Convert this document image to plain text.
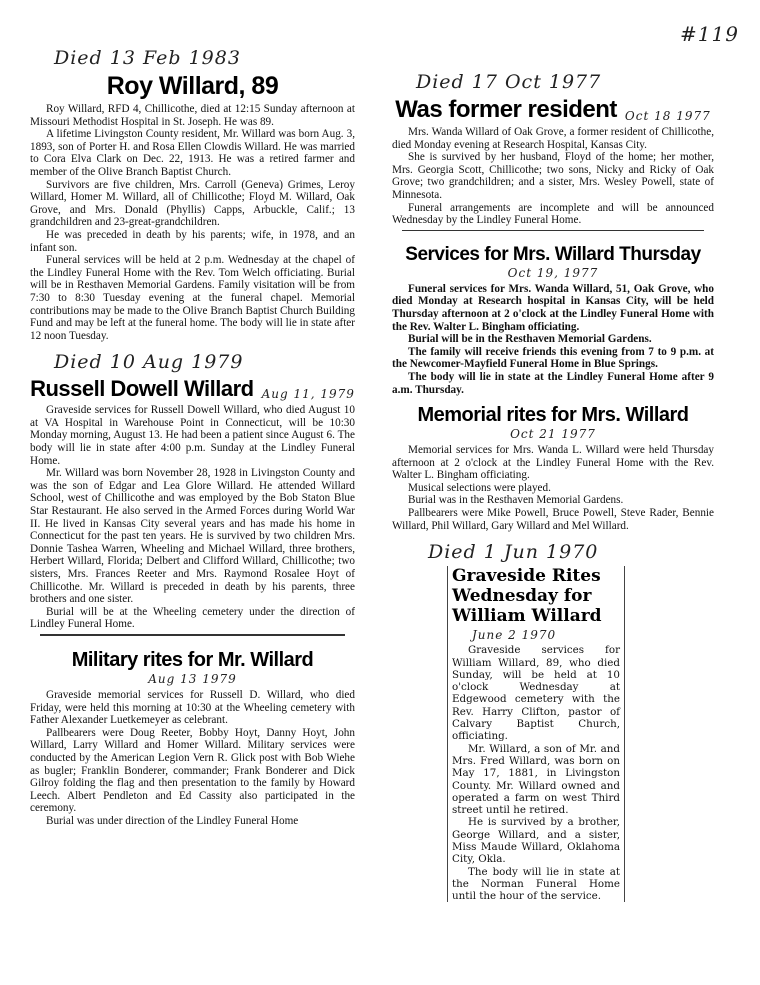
#119
Died 13 Feb 1983
Roy Willard, 89

Roy Willard, RFD 4, Chillicothe, died at 12:15 Sunday afternoon at Missouri Methodist Hospital in St. Joseph. He was 89.

A lifetime Livingston County resident, Mr. Willard was born Aug. 3, 1893, son of Porter H. and Rosa Ellen Clowdis Willard. He was married to Cora Elva Clark on Dec. 22, 1913. He was a retired farmer and member of the Olive Branch Baptist Church.

Survivors are five children, Mrs. Carroll (Geneva) Grimes, Leroy Willard, Homer M. Willard, all of Chillicothe; Floyd M. Willard, Oak Grove, and Mrs. Donald (Phyllis) Capps, Arbuckle, Calif.; 13 grandchildren and 23-great-grandchildren.

He was preceded in death by his parents; wife, in 1978, and an infant son.

Funeral services will be held at 2 p.m. Wednesday at the chapel of the Lindley Funeral Home with the Rev. Tom Welch officiating. Burial will be in Resthaven Memorial Gardens. Family visitation will be from 7:30 to 8:30 Tuesday evening at the funeral chapel. Memorial contributions may be made to the Olive Branch Baptist Church Building Fund and may be left at the funeral home. The body will lie in state after 12 noon Tuesday.

Died 10 Aug 1979
Russell Dowell Willard Aug 11, 1979

Graveside services for Russell Dowell Willard, who died August 10 at VA Hospital in Warehouse Point in Connecticut, will be 10:30 Monday morning, August 13. He had been a patient since August 6. The body will lie in state after 4:00 p.m. Sunday at the Lindley Funeral Home.

Mr. Willard was born November 28, 1928 in Livingston County and was the son of Edgar and Lea Glore Willard. He attended Willard School, west of Chillicothe and was employed by the Bob Staton Blue Star Restaurant. He also served in the Armed Forces during World War II. He lived in Kansas City several years and has made his home in Connecticut for the past ten years. He is survived by two children Mrs. Donnie Tashea Warren, Wheeling and Michael Willard, three brothers, Herbert Willard, Florida; Delbert and Clifford Willard, Chillicothe; two sisters, Mrs. Frances Reeter and Mrs. Raymond Rosalee Hoyt of Chillicothe. Mr. Willard is preceded in death by his parents, three brothers and one sister.

Burial will be at the Wheeling cemetery under the direction of Lindley Funeral Home.

Military rites for Mr. Willard
Aug 13 1979

Graveside memorial services for Russell D. Willard, who died Friday, were held this morning at 10:30 at the Wheeling cemetery with Father Alexander Luetkemeyer as celebrant.

Pallbearers were Doug Reeter, Bobby Hoyt, Danny Hoyt, John Willard, Larry Willard and Homer Willard. Military services were conducted by the American Legion Vern R. Glick post with Bob Wiehe as bugler; Franklin Bonderer, commander; Frank Bonderer and Dick Gilroy folding the flag and then presentation to the family by Howard Leech. Albert Pendleton and Ed Cassity also participated in the ceremony.

Burial was under direction of the Lindley Funeral Home

Died 17 Oct 1977
Was former resident Oct 18 1977

Mrs. Wanda Willard of Oak Grove, a former resident of Chillicothe, died Monday evening at Research Hospital, Kansas City.

She is survived by her husband, Floyd of the home; her mother, Mrs. Georgia Scott, Chillicothe; two sons, Nicky and Ricky of Oak Grove; two grandchildren; and a sister, Mrs. Wesley Powell, state of Minnesota.

Funeral arrangements are incomplete and will be announced Wednesday by the Lindley Funeral Home.

Services for Mrs. Willard Thursday
Oct 19, 1977

Funeral services for Mrs. Wanda Willard, 51, Oak Grove, who died Monday at Research hospital in Kansas City, will be held Thursday afternoon at 2 o'clock at the Lindley Funeral Home with the Rev. Walter L. Bingham officiating.

Burial will be in the Resthaven Memorial Gardens.

The family will receive friends this evening from 7 to 9 p.m. at the Newcomer-Mayfield Funeral Home in Blue Springs.

The body will lie in state at the Lindley Funeral Home after 9 a.m. Thursday.

Memorial rites for Mrs. Willard
Oct 21 1977

Memorial services for Mrs. Wanda L. Willard were held Thursday afternoon at 2 o'clock at the Lindley Funeral Home with the Rev. Walter L. Bingham officiating.

Musical selections were played.

Burial was in the Resthaven Memorial Gardens.

Pallbearers were Mike Powell, Bruce Powell, Steve Rader, Bennie Willard, Phil Willard, Gary Willard and Mel Willard.

Died 1 Jun 1970
Graveside Rites Wednesday for William Willard
June 2 1970

Graveside services for William Willard, 89, who died Sunday, will be held at 10 o'clock Wednesday at Edgewood cemetery with the Rev. Harry Clifton, pastor of Calvary Baptist Church, officiating.

Mr. Willard, a son of Mr. and Mrs. Fred Willard, was born on May 17, 1881, in Livingston County. Mr. Willard owned and operated a farm on west Third street until he retired.

He is survived by a brother, George Willard, and a sister, Miss Maude Willard, Oklahoma City, Okla.

The body will lie in state at the Norman Funeral Home until the hour of the service.
